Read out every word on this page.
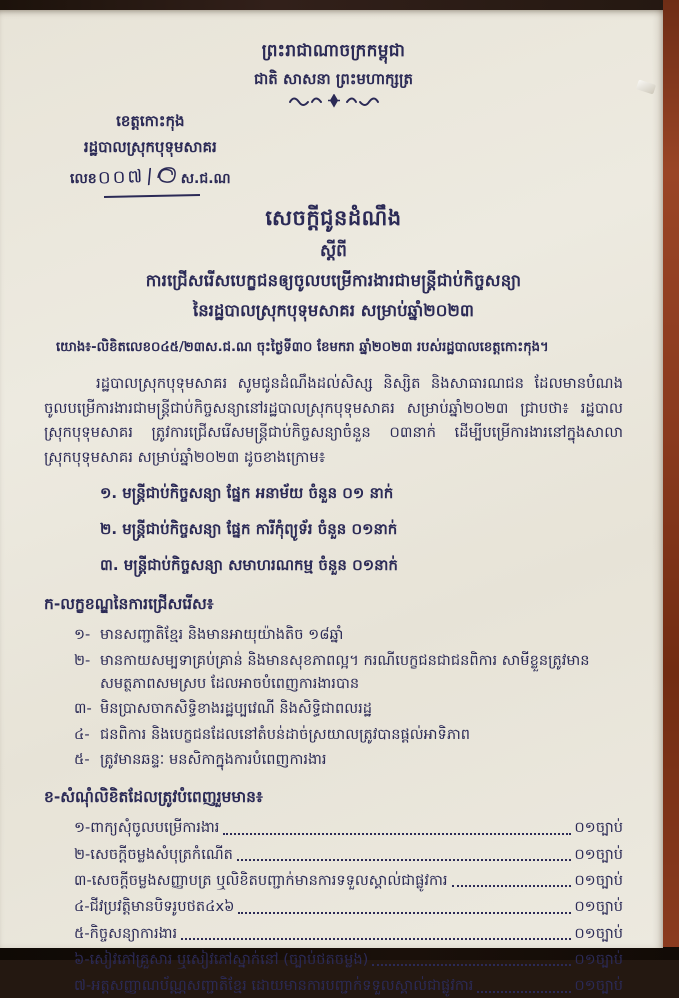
ព្រះរាជាណាចក្រកម្ពុជា
ជាតិ សាសនា ព្រះមហាក្សត្រ
ខេត្តកោះកុង
រដ្ឋបាលស្រុកបុទុមសាគរ
លេខ ០០៧ / ស.ជ.ណ
សេចក្តីជូនដំណឹង
ស្តីពី
ការជ្រើសរើសបេក្ខជនឲ្យចូលបម្រើការងារជាមន្ត្រីជាប់កិច្ចសន្យា
នៃរដ្ឋបាលស្រុកបុទុមសាគរ សម្រាប់ឆ្នាំ២០២៣
យោង៖-លិខិតលេខ០៤៥/២៣ស.ជ.ណ ចុះថ្ងៃទី៣០ ខែមករា ឆ្នាំ២០២៣ របស់រដ្ឋបាលខេត្តកោះកុង។
រដ្ឋបាលស្រុកបុទុមសាគរ សូមជូនដំណឹងដល់សិស្ស និស្សិត និងសាធារណជន ដែលមានបំណង ចូលបម្រើការងារជាមន្ត្រីជាប់កិច្ចសន្យានៅរដ្ឋបាលស្រុកបុទុមសាគរ សម្រាប់ឆ្នាំ២០២៣ ជ្រាបថា៖ រដ្ឋបាលស្រុកបុទុមសាគរ ត្រូវការជ្រើសរើសមន្ត្រីជាប់កិច្ចសន្យាចំនួន ០៣នាក់ ដើម្បីបម្រើការងារនៅក្នុងសាលាស្រុកបុទុមសាគរ សម្រាប់ឆ្នាំ២០២៣ ដូចខាងក្រោម៖
១. មន្ត្រីជាប់កិច្ចសន្យា ផ្នែក អនាម័យ ចំនួន ០១ នាក់
២. មន្ត្រីជាប់កិច្ចសន្យា ផ្នែក ការីកុំព្យូទ័រ ចំនួន ០១នាក់
៣. មន្ត្រីជាប់កិច្ចសន្យា សមាហរណកម្ម ចំនួន ០១នាក់
ក-លក្ខខណ្ឌនៃការជ្រើសរើស៖
១- មានសញ្ជាតិខ្មែរ និងមានអាយុយ៉ាងតិច ១៨ឆ្នាំ
២- មានកាយសម្បទាគ្រប់គ្រាន់ និងមានសុខភាពល្អ។ ករណីបេក្ខជនជាជនពិការ សាមីខ្លួនត្រូវមាន សមត្ថភាពសមស្រប ដែលអាចបំពេញការងារបាន
៣- មិនប្រាសចាកសិទ្ធិខាងរដ្ឋប្បវេណី និងសិទ្ធិជាពលរដ្ឋ
៤- ជនពិការ និងបេក្ខជនដែលនៅតំបន់ដាច់ស្រយាលត្រូវបានផ្តល់អាទិភាព
៥- ត្រូវមានឆន្ទៈ មនសិកាក្នុងការបំពេញការងារ
ខ-សំណុំលិខិតដែលត្រូវបំពេញរួមមាន៖
១-ពាក្យសុំចូលបម្រើការងារ	០១ច្បាប់
២-សេចក្តីចម្លងសំបុត្រកំណើត	០១ច្បាប់
៣-សេចក្តីចម្លងសញ្ញាបត្រ ឬលិខិតបញ្ជាក់មានការទទួលស្គាល់ជាផ្លូវការ	០១ច្បាប់
៤-ជីវប្រវត្តិមានបិទរូបថត៤x៦	០១ច្បាប់
៥-កិច្ចសន្យាការងារ	០១ច្បាប់
៦-សៀវភៅគ្រួសារ ឬសៀវភៅស្នាក់នៅ (ច្បាប់ថតចម្លង)	០១ច្បាប់
៧-អត្តសញ្ញាណប័ណ្ណសញ្ជាតិខ្មែរ ដោយមានការបញ្ជាក់ទទួលស្គាល់ជាផ្លូវការ	០១ច្បាប់
